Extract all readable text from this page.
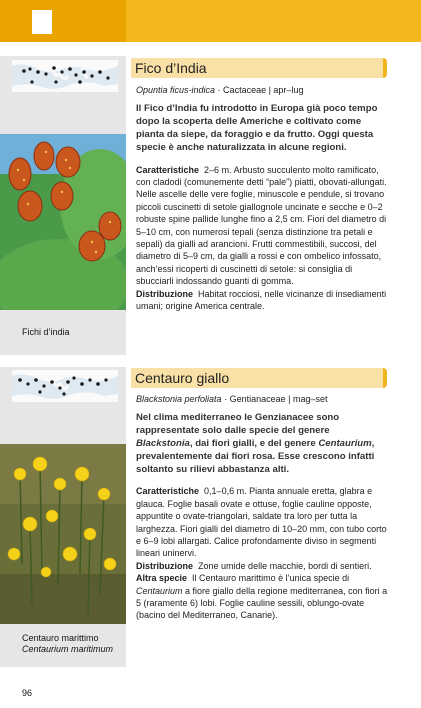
Fichi d’india
Centauro marittimo
Centaurium maritimum
Fico d’India
Centauro giallo
Opuntia ficus-indica · Cactaceae | apr–lug
Il Fico d’India fu introdotto in Europa già poco tempo dopo la scoperta delle Americhe e coltivato come pianta da siepe, da foraggio e da frutto. Oggi questa specie è anche naturalizzata in alcune regioni.
Caratteristiche 2–6 m. Arbusto succulento molto ramificato, con cladodi (comunemente detti “pale”) piatti, obovati-allungati. Nelle ascelle delle vere foglie, minuscole e pendule, si trovano piccoli cuscinetti di setole giallognole uncinate e secche e 0–2 robuste spine pallide lunghe fino a 2,5 cm. Fiori del diametro di 5–10 cm, con numerosi tepali (senza distinzione tra petali e sepali) da gialli ad arancioni. Frutti commestibili, succosi, del diametro di 5–9 cm, da gialli a rossi e con ombelico infossato, anch’essi ricoperti di cuscinetti di setole: si consiglia di sbucciarli indossando guanti di gomma.
Distribuzione Habitat rocciosi, nelle vicinanze di insediamenti umani; origine America centrale.
Blackstonia perfoliata · Gentianaceae | mag–set
Nel clima mediterraneo le Genzianacee sono rappresentate solo dalle specie del genere Blackstonia, dai fiori gialli, e del genere Centaurium, prevalentemente dai fiori rosa. Esse crescono infatti soltanto su rilievi abbastanza alti.
Caratteristiche 0,1–0,6 m. Pianta annuale eretta, glabra e glauca. Foglie basali ovate e ottuse, foglie cauline opposte, appuntite o ovate-triangolari, saldate tra loro per tutta la larghezza. Fiori gialli del diametro di 10–20 mm, con tubo corto e 6–9 lobi allargati. Calice profondamente diviso in segmenti lineari uninervi.
Distribuzione Zone umide delle macchie, bordi di sentieri.
Altra specie Il Centauro marittimo è l’unica specie di Centaurium a fiore giallo della regione mediterranea, con fiori a 5 (raramente 6) lobi. Foglie cauline sessili, oblungo-ovate (bacino del Mediterraneo, Canarie).
96
